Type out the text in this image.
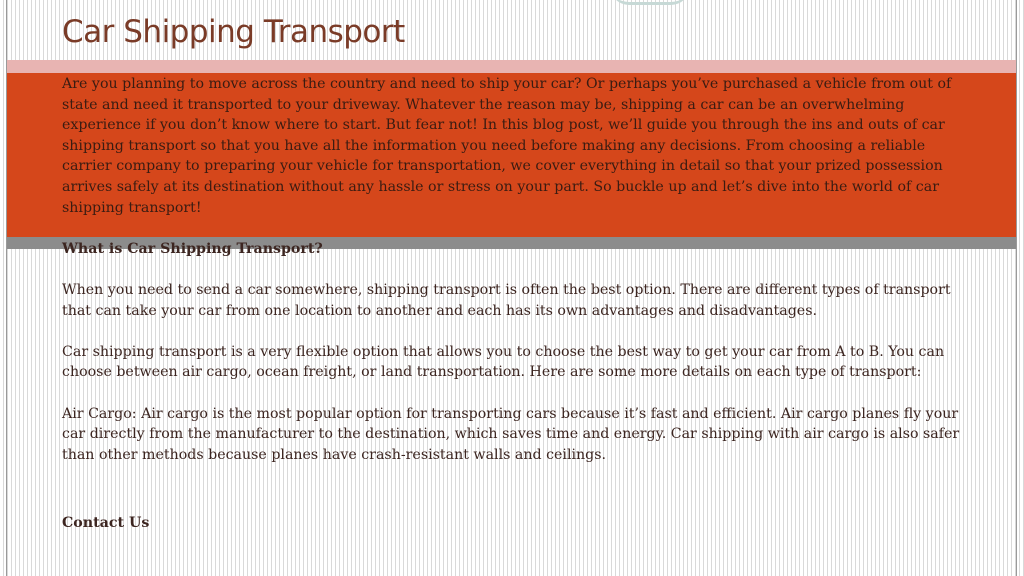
Car Shipping Transport

Are you planning to move across the country and need to ship your car? Or perhaps you’ve purchased a vehicle from out of state and need it transported to your driveway. Whatever the reason may be, shipping a car can be an overwhelming experience if you don’t know where to start. But fear not! In this blog post, we’ll guide you through the ins and outs of car shipping transport so that you have all the information you need before making any decisions. From choosing a reliable carrier company to preparing your vehicle for transportation, we cover everything in detail so that your prized possession arrives safely at its destination without any hassle or stress on your part. So buckle up and let’s dive into the world of car shipping transport!

What is Car Shipping Transport?

When you need to send a car somewhere, shipping transport is often the best option. There are different types of transport that can take your car from one location to another and each has its own advantages and disadvantages.

Car shipping transport is a very flexible option that allows you to choose the best way to get your car from A to B. You can choose between air cargo, ocean freight, or land transportation. Here are some more details on each type of transport:

Air Cargo: Air cargo is the most popular option for transporting cars because it’s fast and efficient. Air cargo planes fly your car directly from the manufacturer to the destination, which saves time and energy. Car shipping with air cargo is also safer than other methods because planes have crash-resistant walls and ceilings.

Contact Us
